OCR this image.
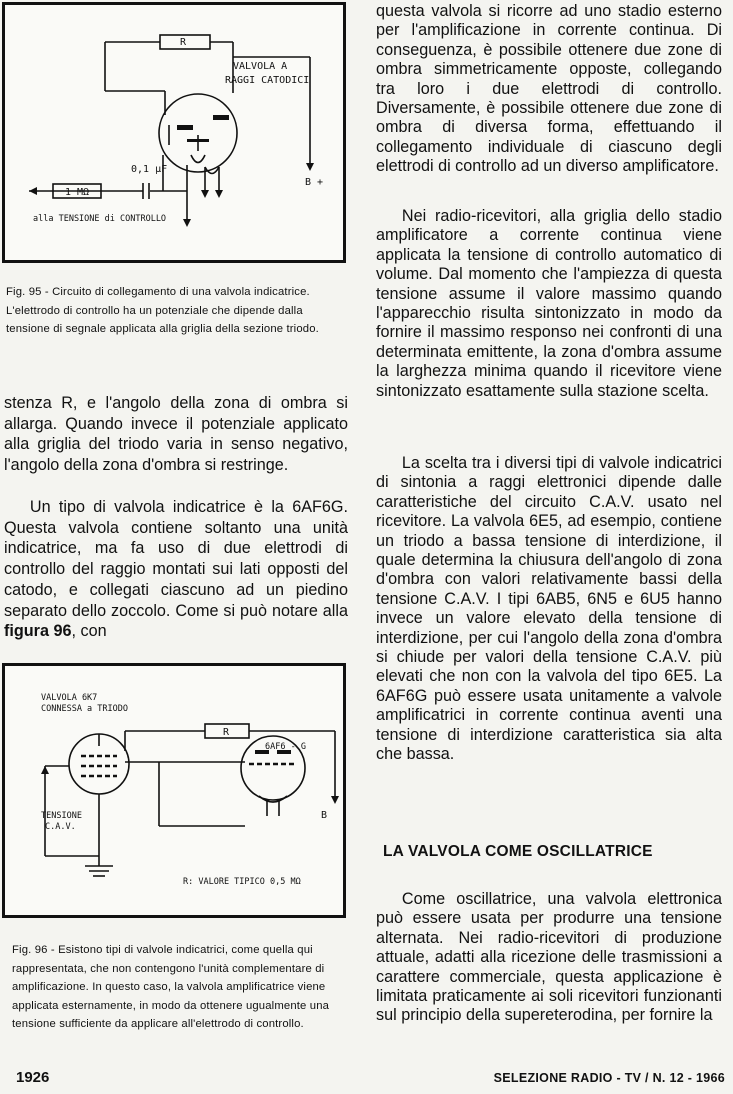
R
VALVOLA A
RAGGI CATODICI
0,1 μF
1 MΩ
B +
alla TENSIONE di CONTROLLO
Fig. 95 - Circuito di collegamento di una valvola indicatrice. L'elettrodo di controllo ha un potenziale che dipende dalla tensione di segnale applicata alla griglia della sezione triodo.
VALVOLA 6K7
CONNESSA a TRIODO
R
6AF6 - G
TENSIONE
C.A.V.
B
R: VALORE TIPICO 0,5 MΩ
Fig. 96 - Esistono tipi di valvole indicatrici, come quella qui rappresentata, che non contengono l'unità complementare di amplificazione. In questo caso, la valvola amplificatrice viene applicata esternamente, in modo da ottenere ugualmente una tensione sufficiente da applicare all'elettrodo di controllo.

stenza R, e l'angolo della zona di ombra si allarga. Quando invece il potenziale applicato alla griglia del triodo varia in senso negativo, l'angolo della zona d'ombra si restringe.

Un tipo di valvola indicatrice è la 6AF6G. Questa valvola contiene soltanto una unità indicatrice, ma fa uso di due elettrodi di controllo del raggio montati sui lati opposti del catodo, e collegati ciascuno ad un piedino separato dello zoccolo. Come si può notare alla figura 96, con

questa valvola si ricorre ad uno stadio esterno per l'amplificazione in corrente continua. Di conseguenza, è possibile ottenere due zone di ombra simmetricamente opposte, collegando tra loro i due elettrodi di controllo. Diversamente, è possibile ottenere due zone di ombra di diversa forma, effettuando il collegamento individuale di ciascuno degli elettrodi di controllo ad un diverso amplificatore.

Nei radio-ricevitori, alla griglia dello stadio amplificatore a corrente continua viene applicata la tensione di controllo automatico di volume. Dal momento che l'ampiezza di questa tensione assume il valore massimo quando l'apparecchio risulta sintonizzato in modo da fornire il massimo responso nei confronti di una determinata emittente, la zona d'ombra assume la larghezza minima quando il ricevitore viene sintonizzato esattamente sulla stazione scelta.

La scelta tra i diversi tipi di valvole indicatrici di sintonia a raggi elettronici dipende dalle caratteristiche del circuito C.A.V. usato nel ricevitore. La valvola 6E5, ad esempio, contiene un triodo a bassa tensione di interdizione, il quale determina la chiusura dell'angolo di zona d'ombra con valori relativamente bassi della tensione C.A.V. I tipi 6AB5, 6N5 e 6U5 hanno invece un valore elevato della tensione di interdizione, per cui l'angolo della zona d'ombra si chiude per valori della tensione C.A.V. più elevati che non con la valvola del tipo 6E5. La 6AF6G può essere usata unitamente a valvole amplificatrici in corrente continua aventi una tensione di interdizione caratteristica sia alta che bassa.

LA VALVOLA COME OSCILLATRICE

Come oscillatrice, una valvola elettronica può essere usata per produrre una tensione alternata. Nei radio-ricevitori di produzione attuale, adatti alla ricezione delle trasmissioni a carattere commerciale, questa applicazione è limitata praticamente ai soli ricevitori funzionanti sul principio della supereterodina, per fornire la

1926	SELEZIONE RADIO - TV / N. 12 - 1966
